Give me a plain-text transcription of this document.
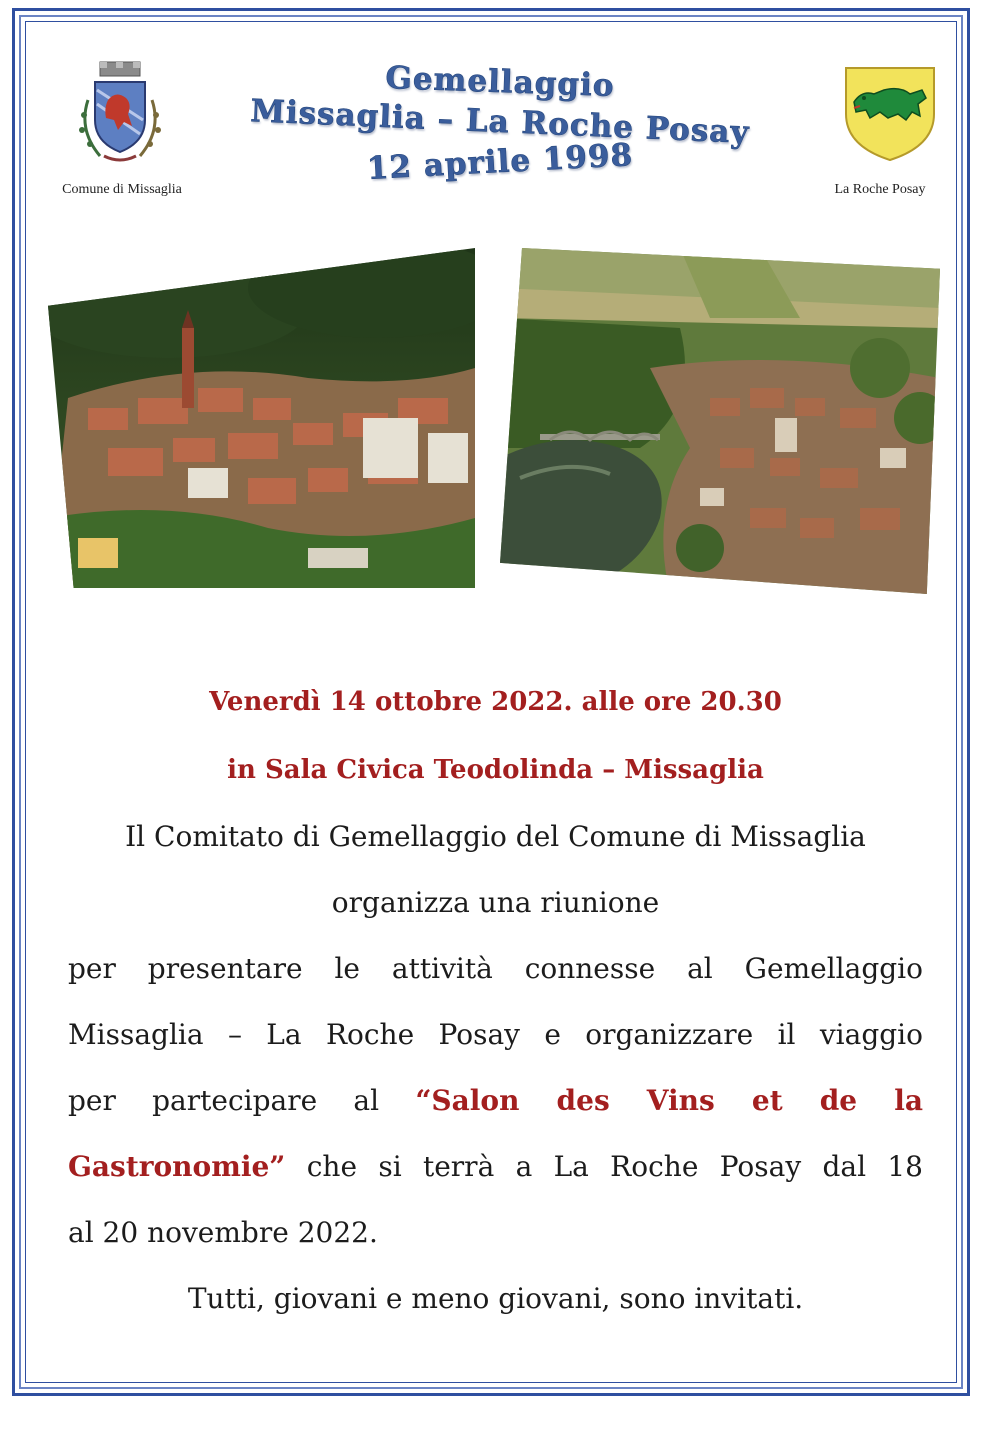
Comune di Missaglia
Gemellaggio
Missaglia – La Roche Posay
12 aprile 1998
La Roche Posay
Venerdì 14 ottobre 2022. alle ore 20.30
in Sala Civica Teodolinda – Missaglia
Il Comitato di Gemellaggio del Comune di Missaglia
organizza una riunione
per presentare le attività connesse al Gemellaggio
Missaglia – La Roche Posay e organizzare il viaggio
per partecipare al “Salon des Vins et de la
Gastronomie” che si terrà a La Roche Posay dal 18
al 20 novembre 2022.
Tutti, giovani e meno giovani, sono invitati.
